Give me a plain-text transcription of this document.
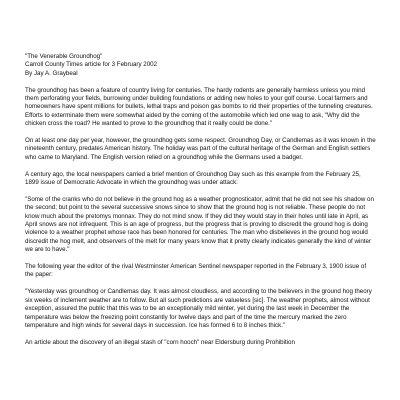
"The Venerable Groundhog"
Carroll County Times article for 3 February 2002
By Jay A. Graybeal

The groundhog has been a feature of country living for centuries. The hardy rodents are generally harmless unless you mind them perforating your fields, burrowing under building foundations or adding new holes to your golf course. Local farmers and homeowners have spent millions for bullets, lethal traps and poison gas bombs to rid their properties of the tunneling creatures. Efforts to exterminate them were somewhat aided by the coming of the automobile which led one wag to ask, "Why did the chicken cross the road? He wanted to prove to the groundhog that it really could be done."

On at least one day per year, however, the groundhog gets some respect. Groundhog Day, or Candlemas as it was known in the nineteenth century, predates American history. The holiday was part of the cultural heritage of the German and English settlers who came to Maryland. The English version relied on a groundhog while the Germans used a badger.

A century ago, the local newspapers carried a brief mention of Groundhog Day such as this example from the February 25, 1899 issue of Democratic Advocate in which the groundhog was under attack:

"Some of the cranks who do not believe in the ground hog as a weather prognosticator, admit that he did not see his shadow on the second; but point to the several successive snows since to show that the ground hog is not reliable. These people do not know much about the pretomys monnax. They do not mind snow. If they did they would stay in their holes until late in April, as April snows are not infrequent. This is an age of progress, but the progress that is proving to discredit the ground hog is doing violence to a weather prophet whose race has been honored for centuries. The man who disbelieves in the ground hog would discredit the hog melt, and observers of the melt for many years know that it pretty clearly indicates generally the kind of winter we are to have."

The following year the editor of the rival Westminster American Sentinel newspaper reported in the February 3, 1900 issue of the paper:

"Yesterday was groundhog or Candlemas day. It was almost cloudless, and according to the believers in the ground hog theory six weeks of inclement weather are to follow. But all such predictions are valueless [sic]. The weather prophets, almost without exception, assured the public that this was to be an exceptionally mild winter, yet during the last week in December the temperature was below the freezing point constantly for twelve days and part of the time the mercury marked the zero temperature and high winds for several days in succession. Ice has formed 6 to 8 inches thick."

An article about the discovery of an illegal stash of "corn hooch" near Eldersburg during Prohibition
